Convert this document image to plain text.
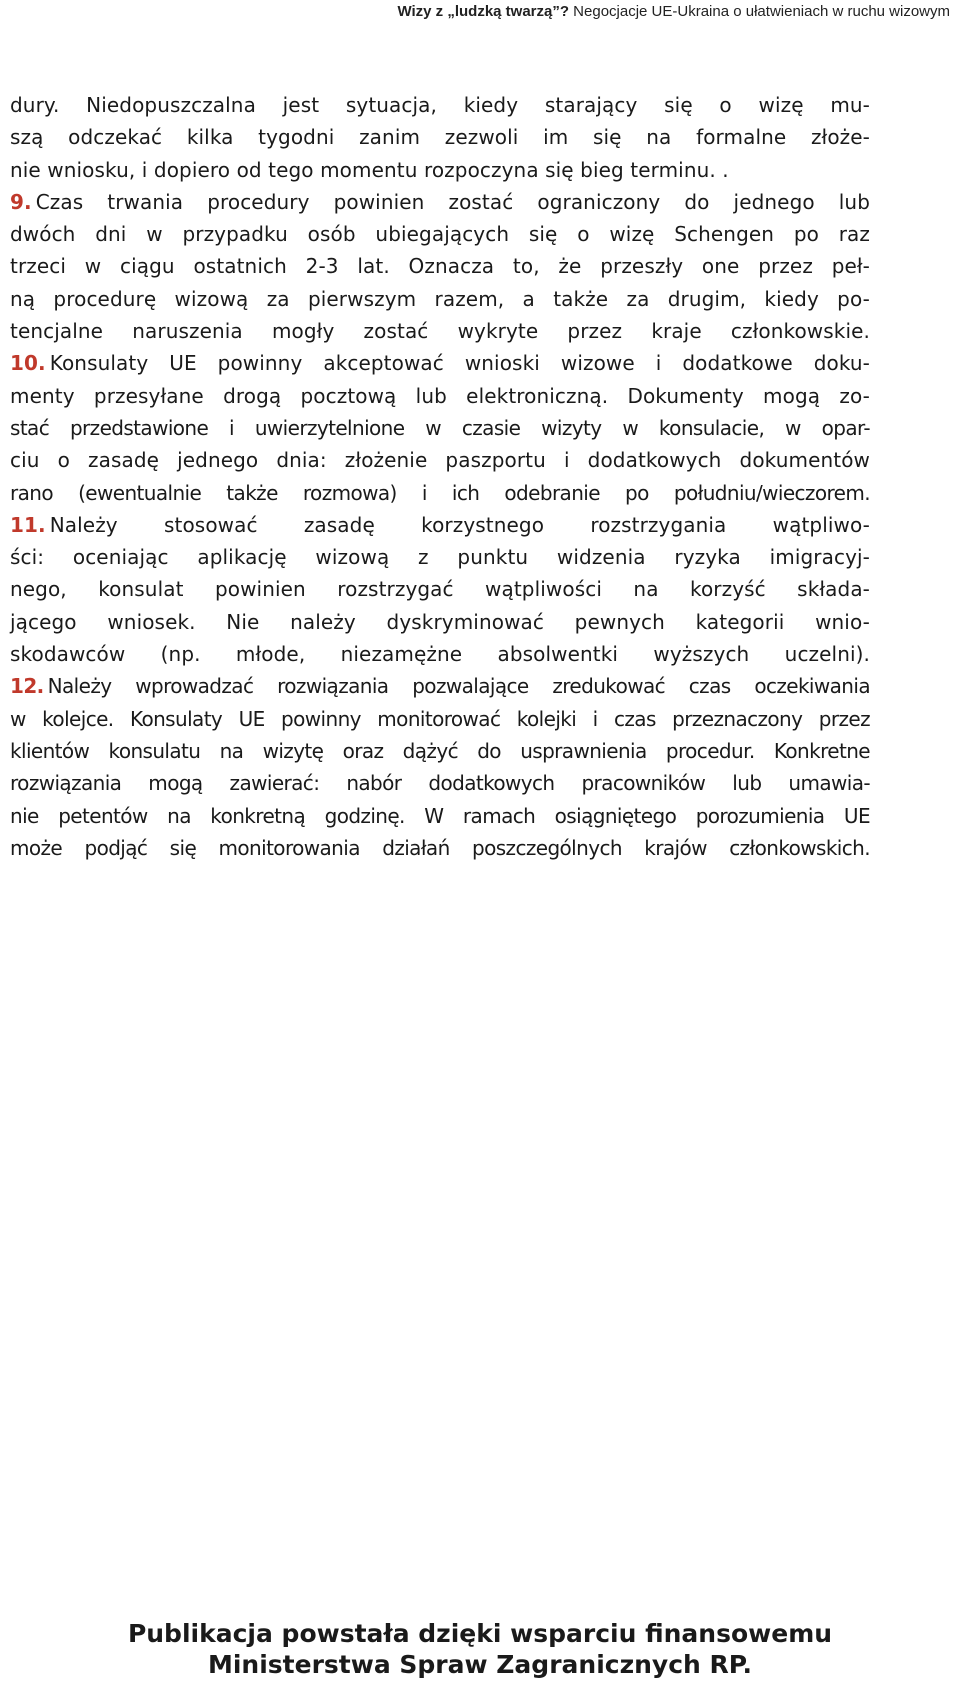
Wizy z „ludzką twarzą”? Negocjacje UE-Ukraina o ułatwieniach w ruchu wizowym
dury. Niedopuszczalna jest sytuacja, kiedy starający się o wizę mu-
szą odczekać kilka tygodni zanim zezwoli im się na formalne złoże-
nie wniosku, i dopiero od tego momentu rozpoczyna się bieg terminu. .
9. Czas trwania procedury powinien zostać ograniczony do jednego lub
dwóch dni w przypadku osób ubiegających się o wizę Schengen po raz
trzeci w ciągu ostatnich 2-3 lat. Oznacza to, że przeszły one przez peł-
ną procedurę wizową za pierwszym razem, a także za drugim, kiedy po-
tencjalne naruszenia mogły zostać wykryte przez kraje członkowskie.
10. Konsulaty UE powinny akceptować wnioski wizowe i dodatkowe doku-
menty przesyłane drogą pocztową lub elektroniczną. Dokumenty mogą zo-
stać przedstawione i uwierzytelnione w czasie wizyty w konsulacie, w opar-
ciu o zasadę jednego dnia: złożenie paszportu i dodatkowych dokumentów
rano (ewentualnie także rozmowa) i ich odebranie po południu/wieczorem.
11. Należy stosować zasadę korzystnego rozstrzygania wątpliwo-
ści: oceniając aplikację wizową z punktu widzenia ryzyka imigracyj-
nego, konsulat powinien rozstrzygać wątpliwości na korzyść składa-
jącego wniosek. Nie należy dyskryminować pewnych kategorii wnio-
skodawców (np. młode, niezamężne absolwentki wyższych uczelni).
12. Należy wprowadzać rozwiązania pozwalające zredukować czas oczekiwania
w kolejce. Konsulaty UE powinny monitorować kolejki i czas przeznaczony przez
klientów konsulatu na wizytę oraz dążyć do usprawnienia procedur. Konkretne
rozwiązania mogą zawierać: nabór dodatkowych pracowników lub umawia-
nie petentów na konkretną godzinę. W ramach osiągniętego porozumienia UE
może podjąć się monitorowania działań poszczególnych krajów członkowskich.
Publikacja powstała dzięki wsparciu finansowemu
Ministerstwa Spraw Zagranicznych RP.
